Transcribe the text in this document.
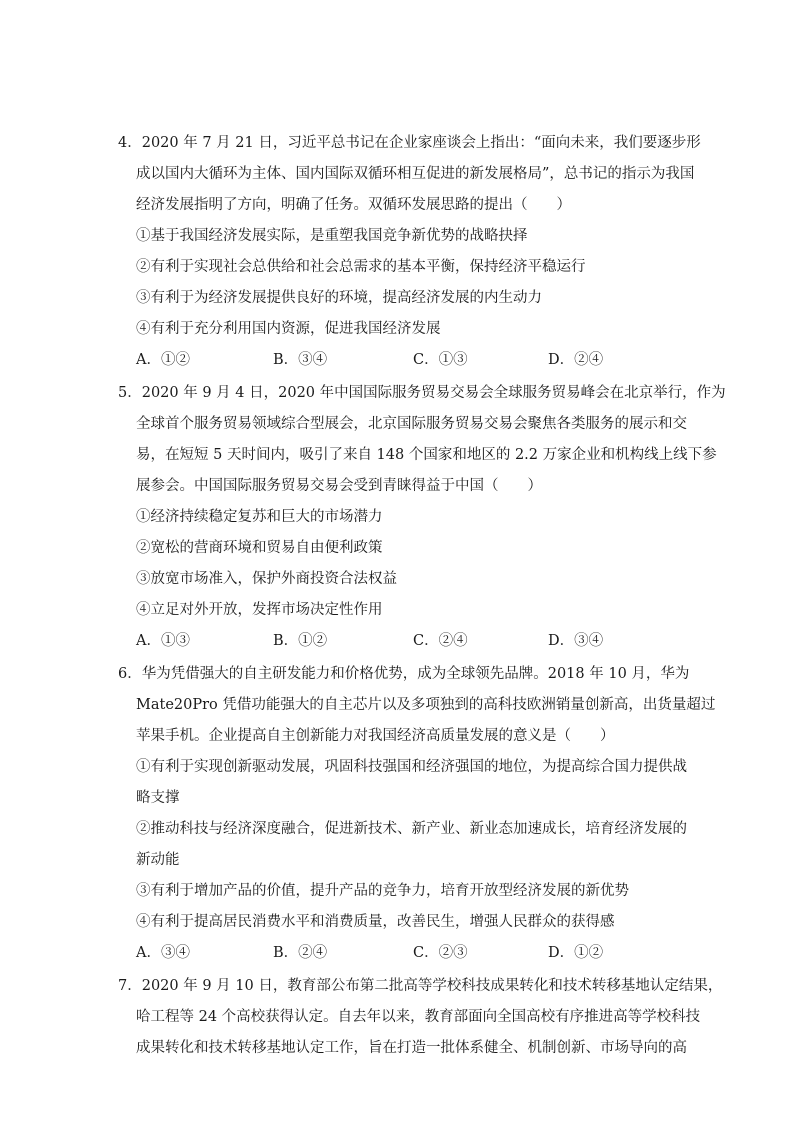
4．2020 年 7 月 21 日，习近平总书记在企业家座谈会上指出：“面向未来，我们要逐步形
成以国内大循环为主体、国内国际双循环相互促进的新发展格局”，总书记的指示为我国
经济发展指明了方向，明确了任务。双循环发展思路的提出（　　）
①基于我国经济发展实际，是重塑我国竞争新优势的战略抉择
②有利于实现社会总供给和社会总需求的基本平衡，保持经济平稳运行
③有利于为经济发展提供良好的环境，提高经济发展的内生动力
④有利于充分利用国内资源，促进我国经济发展
A．①②	B．③④	C．①③	D．②④
5．2020 年 9 月 4 日，2020 年中国国际服务贸易交易会全球服务贸易峰会在北京举行，作为
全球首个服务贸易领域综合型展会，北京国际服务贸易交易会聚焦各类服务的展示和交
易，在短短 5 天时间内，吸引了来自 148 个国家和地区的 2.2 万家企业和机构线上线下参
展参会。中国国际服务贸易交易会受到青睐得益于中国（　　）
①经济持续稳定复苏和巨大的市场潜力
②宽松的营商环境和贸易自由便利政策
③放宽市场准入，保护外商投资合法权益
④立足对外开放，发挥市场决定性作用
A．①③	B．①②	C．②④	D．③④
6．华为凭借强大的自主研发能力和价格优势，成为全球领先品牌。2018 年 10 月，华为
Mate20Pro 凭借功能强大的自主芯片以及多项独到的高科技欧洲销量创新高，出货量超过
苹果手机。企业提高自主创新能力对我国经济高质量发展的意义是（　　）
①有利于实现创新驱动发展，巩固科技强国和经济强国的地位，为提高综合国力提供战
略支撑
②推动科技与经济深度融合，促进新技术、新产业、新业态加速成长，培育经济发展的
新动能
③有利于增加产品的价值，提升产品的竞争力，培育开放型经济发展的新优势
④有利于提高居民消费水平和消费质量，改善民生，增强人民群众的获得感
A．③④	B．②④	C．②③	D．①②
7．2020 年 9 月 10 日，教育部公布第二批高等学校科技成果转化和技术转移基地认定结果，
哈工程等 24 个高校获得认定。自去年以来，教育部面向全国高校有序推进高等学校科技
成果转化和技术转移基地认定工作，旨在打造一批体系健全、机制创新、市场导向的高
